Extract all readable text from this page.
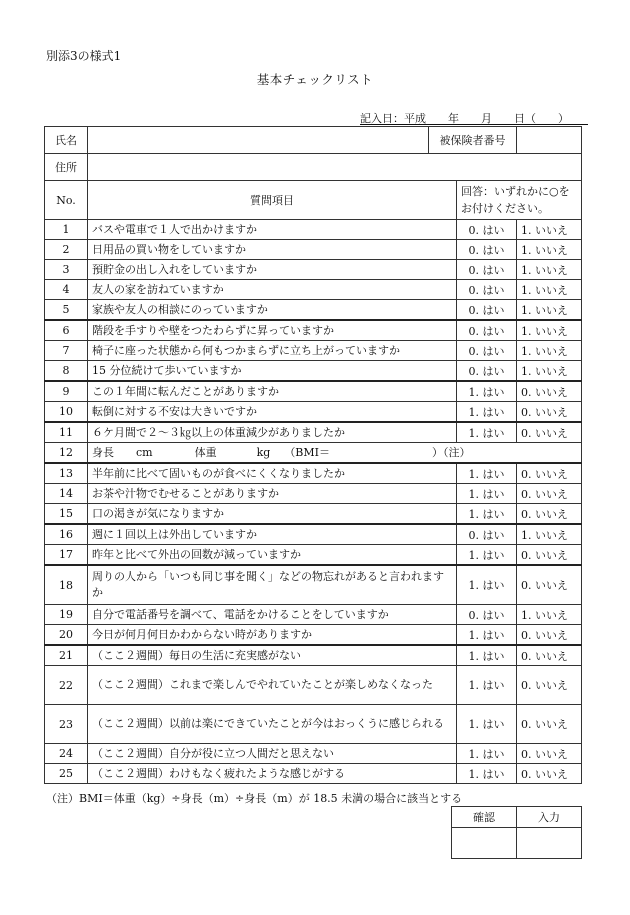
別添3の様式1
基本チェックリスト
記入日：平成　　年　　月　　日（　　）
氏名		被保険者番号		
住所				
No.	質問項目		回答：いずれかに○をお付けください。	
1	バスや電車で１人で出かけますか		0. はい	1. いいえ
2	日用品の買い物をしていますか		0. はい	1. いいえ
3	預貯金の出し入れをしていますか		0. はい	1. いいえ
4	友人の家を訪ねていますか		0. はい	1. いいえ
5	家族や友人の相談にのっていますか		0. はい	1. いいえ
6	階段を手すりや壁をつたわらずに昇っていますか		0. はい	1. いいえ
7	椅子に座った状態から何もつかまらずに立ち上がっていますか		0. はい	1. いいえ
8	15 分位続けて歩いていますか		0. はい	1. いいえ
9	この１年間に転んだことがありますか		1. はい	0. いいえ
10	転倒に対する不安は大きいですか		1. はい	0. いいえ
11	６ケ月間で２～３㎏以上の体重減少がありましたか		1. はい	0. いいえ
12	身長 cm 体重 kg （BMI＝ ）（注）			
13	半年前に比べて固いものが食べにくくなりましたか		1. はい	0. いいえ
14	お茶や汁物でむせることがありますか		1. はい	0. いいえ
15	口の渇きが気になりますか		1. はい	0. いいえ
16	週に１回以上は外出していますか		0. はい	1. いいえ
17	昨年と比べて外出の回数が減っていますか		1. はい	0. いいえ
18	周りの人から「いつも同じ事を聞く」などの物忘れがあると言われますか		1. はい	0. いいえ
19	自分で電話番号を調べて、電話をかけることをしていますか		0. はい	1. いいえ
20	今日が何月何日かわからない時がありますか		1. はい	0. いいえ
21	（ここ２週間）毎日の生活に充実感がない		1. はい	0. いいえ
22	（ここ２週間）これまで楽しんでやれていたことが楽しめなくなった		1. はい	0. いいえ
23	（ここ２週間）以前は楽にできていたことが今はおっくうに感じられる		1. はい	0. いいえ
24	（ここ２週間）自分が役に立つ人間だと思えない		1. はい	0. いいえ
25	（ここ２週間）わけもなく疲れたような感じがする		1. はい	0. いいえ
（注）BMI＝体重（kg）÷身長（m）÷身長（m）が 18.5 未満の場合に該当とする
確認	入力
